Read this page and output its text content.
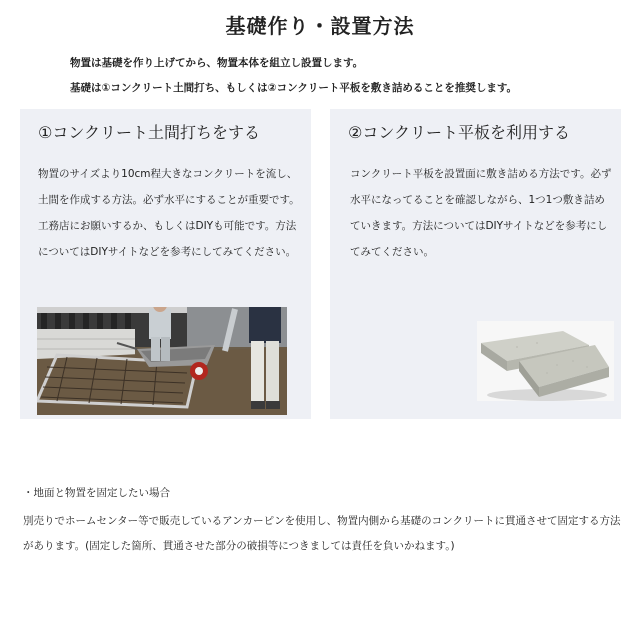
基礎作り・設置方法
物置は基礎を作り上げてから、物置本体を組立し設置します。
基礎は①コンクリート土間打ち、もしくは②コンクリート平板を敷き詰めることを推奨します。
①コンクリート土間打ちをする
物置のサイズより10cm程大きなコンクリートを流し、土間を作成する方法。必ず水平にすることが重要です。工務店にお願いするか、もしくはDIYも可能です。方法についてはDIYサイトなどを参考にしてみてください。
②コンクリート平板を利用する
コンクリート平板を設置面に敷き詰める方法です。必ず水平になってることを確認しながら、1つ1つ敷き詰めていきます。方法についてはDIYサイトなどを参考にしてみてください。
・地面と物置を固定したい場合
別売りでホームセンター等で販売しているアンカーピンを使用し、物置内側から基礎のコンクリートに貫通させて固定する方法があります。(固定した箇所、貫通させた部分の破損等につきましては責任を負いかねます。)
